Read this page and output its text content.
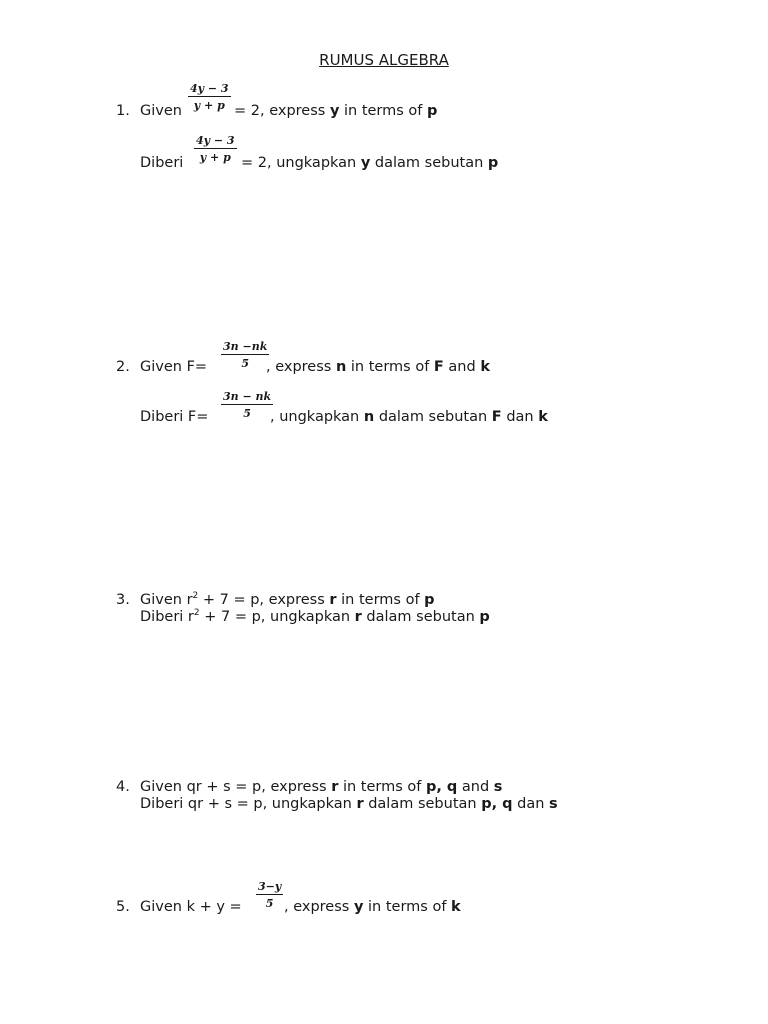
RUMUS ALGEBRA
1. Given
4y − 3
y + p = 2, express y in terms of p
Diberi
4y − 3
y + p = 2, ungkapkan y dalam sebutan p
2. Given F=
3n −nk
5 , express n in terms of F and k
Diberi F=
3n − nk
5 , ungkapkan n dalam sebutan F dan k
3. Given $r^2 + 7 = p$, express r in terms of p
Diberi $r^2 + 7 = p$, ungkapkan r dalam sebutan p
4. Given qr + s = p, express r in terms of p, q and s
Diberi qr + s = p, ungkapkan r dalam sebutan p, q dan s
5. Given k + y =
3−y
5 , express y in terms of k
